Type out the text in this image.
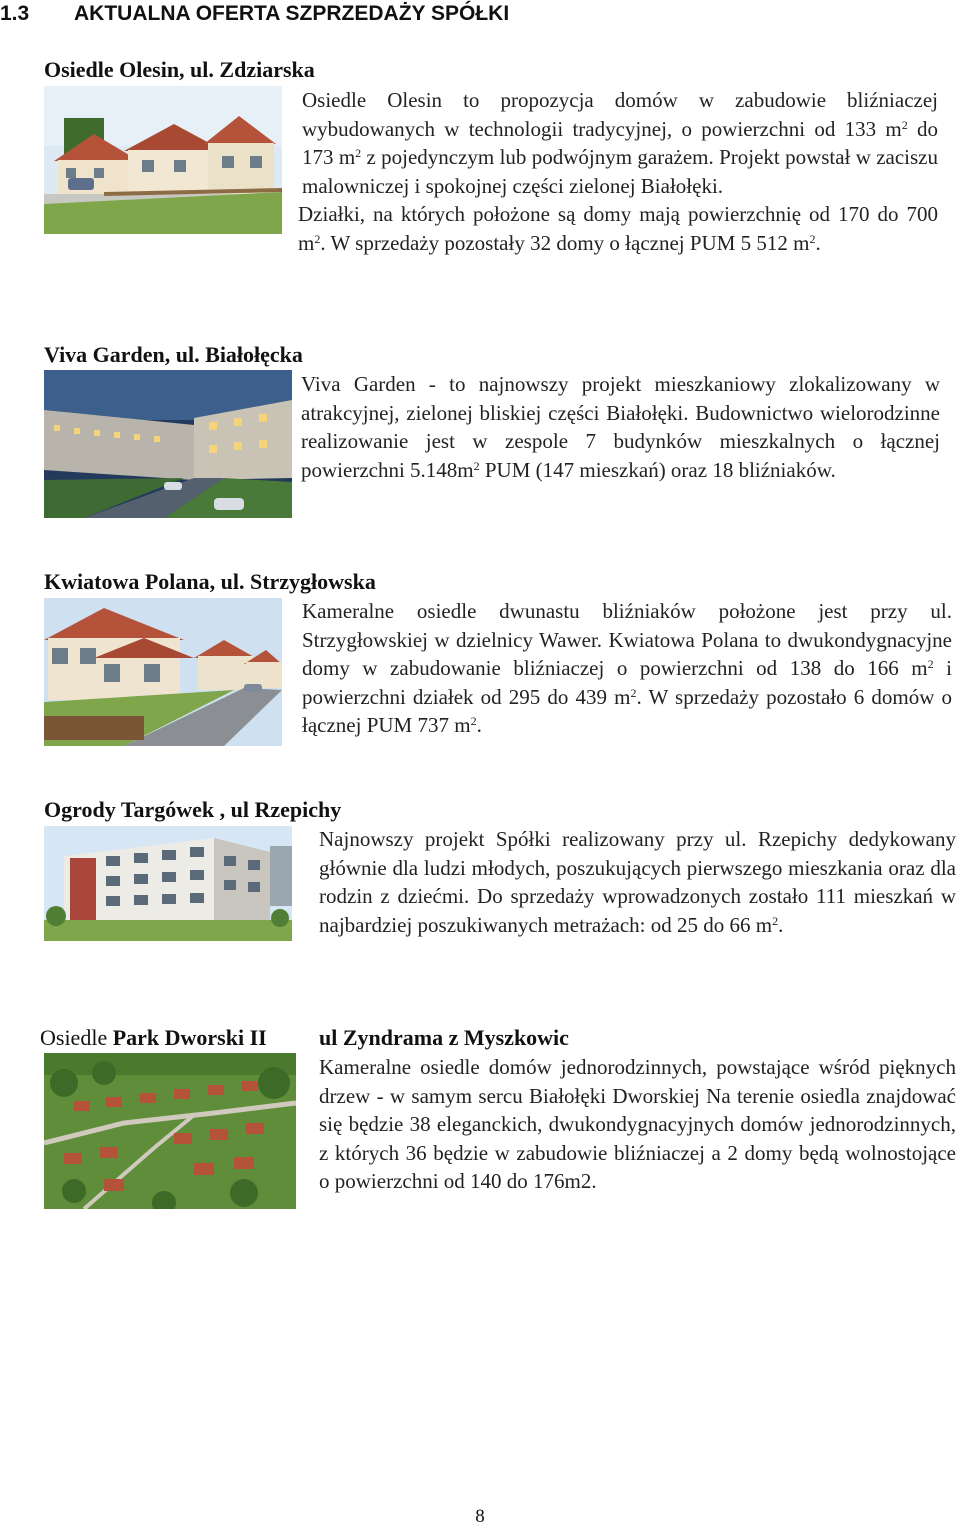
1.3 AKTUALNA OFERTA SZPRZEDAŻY SPÓŁKI
Osiedle Olesin, ul. Zdziarska
Osiedle Olesin to propozycja domów w zabudowie bliźniaczej wybudowanych w technologii tradycyjnej, o powierzchni od 133 $m^2$ do 173 $m^2$ z pojedynczym lub podwójnym garażem. Projekt powstał w zaciszu malowniczej i spokojnej części zielonej Białołęki.
Działki, na których położone są domy mają powierzchnię od 170 do 700 $m^2$. W sprzedaży pozostały 32 domy o łącznej PUM 5 512 $m^2$.
Viva Garden, ul. Białołęcka
Viva Garden - to najnowszy projekt mieszkaniowy zlokalizowany w atrakcyjnej, zielonej bliskiej części Białołęki. Budownictwo wielorodzinne realizowanie jest w zespole 7 budynków mieszkalnych o łącznej powierzchni $5.148m^2$ PUM (147 mieszkań) oraz 18 bliźniaków.
Kwiatowa Polana, ul. Strzygłowska
Kameralne osiedle dwunastu bliźniaków położone jest przy ul. Strzygłowskiej w dzielnicy Wawer. Kwiatowa Polana to dwukondygnacyjne domy w zabudowanie bliźniaczej o powierzchni od 138 do 166 $m^2$ i powierzchni działek od 295 do 439 $m^2$. W sprzedaży pozostało 6 domów o łącznej PUM 737 $m^2$.
Ogrody Targówek , ul Rzepichy
Najnowszy projekt Spółki realizowany przy ul. Rzepichy dedykowany głównie dla ludzi młodych, poszukujących pierwszego mieszkania oraz dla rodzin z dziećmi. Do sprzedaży wprowadzonych zostało 111 mieszkań w najbardziej poszukiwanych metrażach: od 25 do 66 $m^2$.
Osiedle Park Dworski II ul Zyndrama z Myszkowic
Kameralne osiedle domów jednorodzinnych, powstające wśród pięknych drzew - w samym sercu Białołęki Dworskiej Na terenie osiedla znajdować się będzie 38 eleganckich, dwukondygnacyjnych domów jednorodzinnych, z których 36 będzie w zabudowie bliźniaczej a 2 domy będą wolnostojące o powierzchni od 140 do 176m2.
8
